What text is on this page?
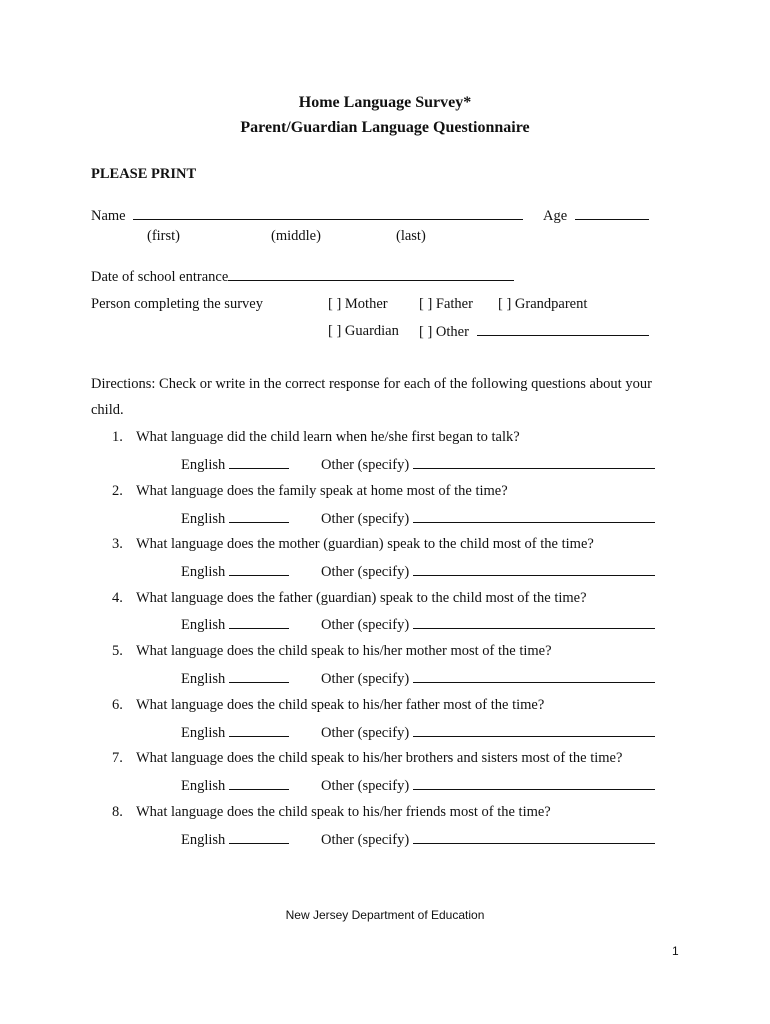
Home Language Survey*
Parent/Guardian Language Questionnaire
PLEASE PRINT
Name	Age
(first)	(middle)	(last)
Date of school entrance
Person completing the survey	[ ] Mother [ ] Father [ ] Grandparent
[ ] Guardian [ ] Other
Directions: Check or write in the correct response for each of the following questions about your
child.
1. What language did the child learn when he/she first began to talk?
English	Other (specify)
2. What language does the family speak at home most of the time?
English	Other (specify)
3. What language does the mother (guardian) speak to the child most of the time?
English	Other (specify)
4. What language does the father (guardian) speak to the child most of the time?
English	Other (specify)
5. What language does the child speak to his/her mother most of the time?
English	Other (specify)
6. What language does the child speak to his/her father most of the time?
English	Other (specify)
7. What language does the child speak to his/her brothers and sisters most of the time?
English	Other (specify)
8. What language does the child speak to his/her friends most of the time?
English	Other (specify)
New Jersey Department of Education
1
